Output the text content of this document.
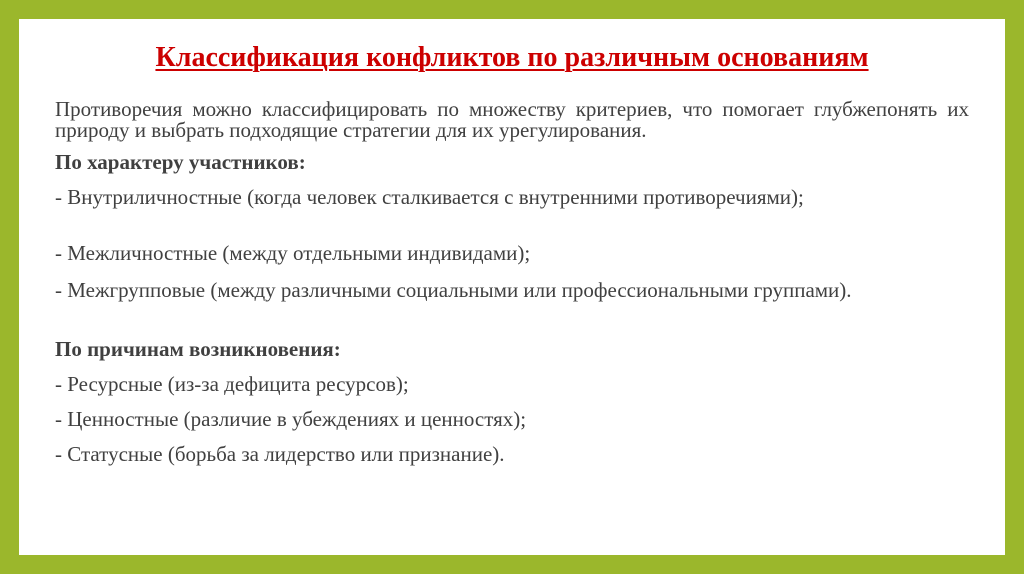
Классификация конфликтов по различным основаниям
Противоречия можно классифицировать по множеству критериев, что помогает глубжепонять их природу и выбрать подходящие стратегии для их урегулирования.
По характеру участников:
- Внутриличностные (когда человек сталкивается с внутренними противоречиями);
- Межличностные (между отдельными индивидами);
- Межгрупповые (между различными социальными или профессиональными группами).
По причинам возникновения:
- Ресурсные (из-за дефицита ресурсов);
- Ценностные (различие в убеждениях и ценностях);
- Статусные (борьба за лидерство или признание).
